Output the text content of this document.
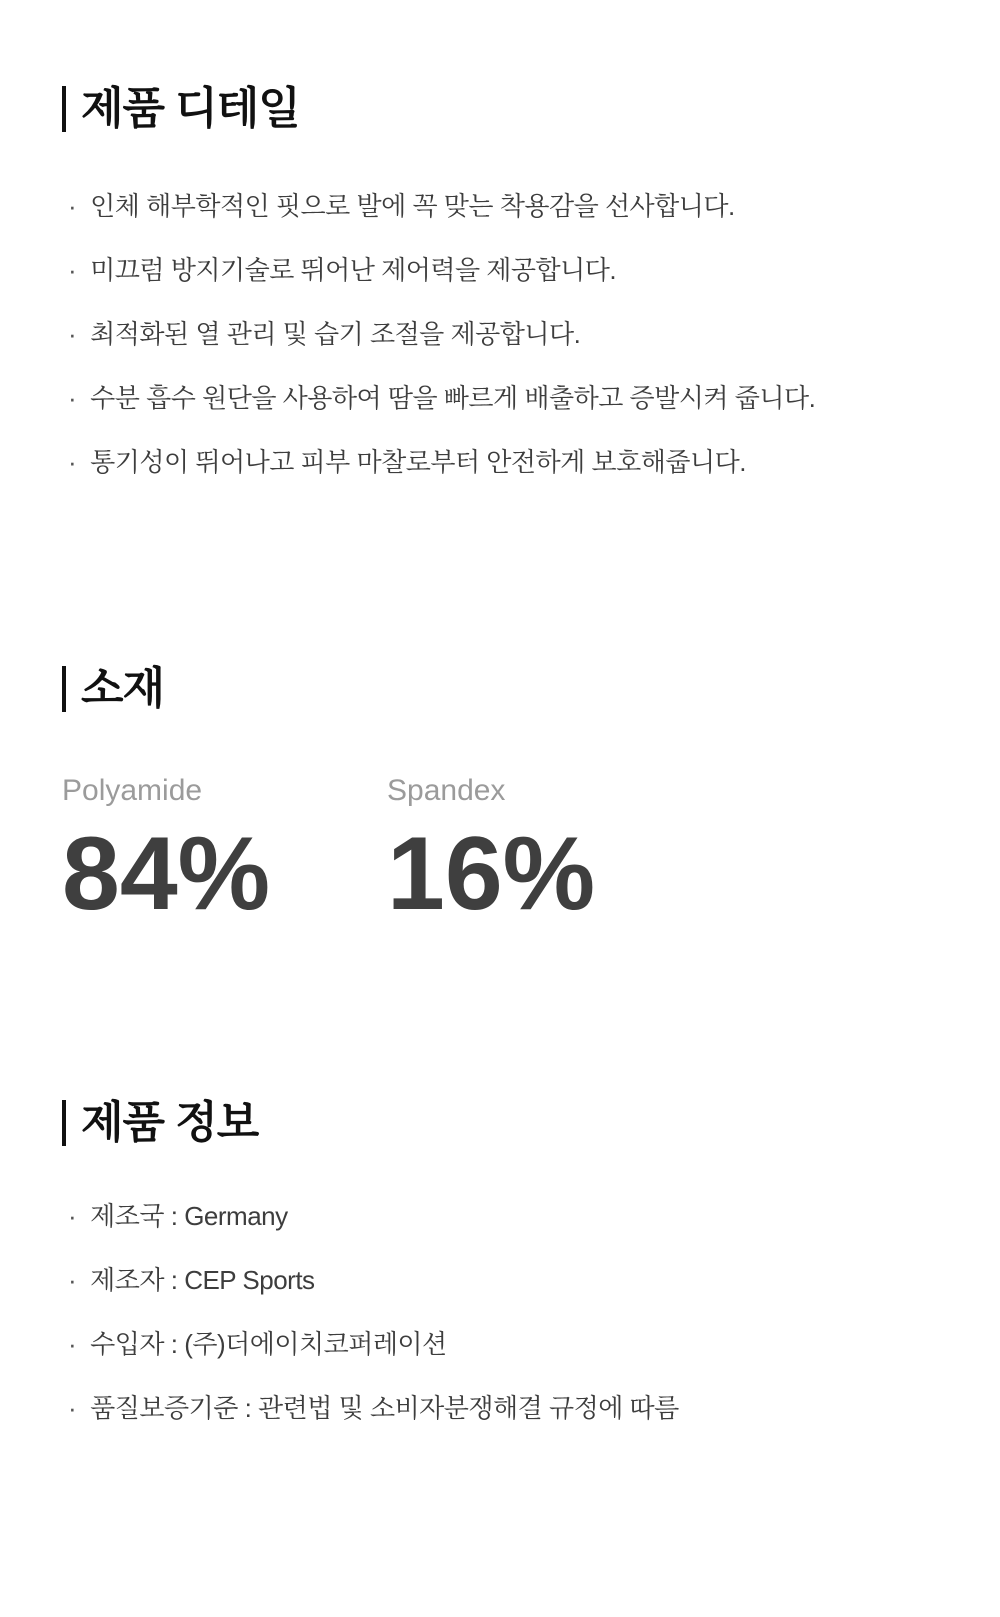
제품 디테일
· 인체 해부학적인 핏으로 발에 꼭 맞는 착용감을 선사합니다.
· 미끄럼 방지기술로 뛰어난 제어력을 제공합니다.
· 최적화된 열 관리 및 습기 조절을 제공합니다.
· 수분 흡수 원단을 사용하여 땀을 빠르게 배출하고 증발시켜 줍니다.
· 통기성이 뛰어나고 피부 마찰로부터 안전하게 보호해줍니다.
소재
Polyamide
84%
Spandex
16%
제품 정보
· 제조국 : Germany
· 제조자 : CEP Sports
· 수입자 : (주)더에이치코퍼레이션
· 품질보증기준 : 관련법 및 소비자분쟁해결 규정에 따름
